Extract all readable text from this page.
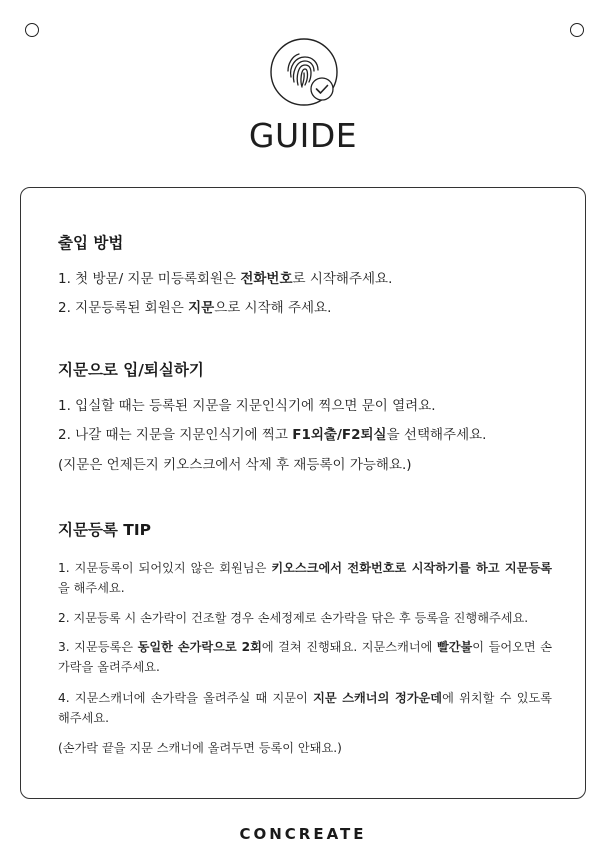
GUIDE
출입 방법
1. 첫 방문/ 지문 미등록회원은 전화번호로 시작해주세요.
2. 지문등록된 회원은 지문으로 시작해 주세요.
지문으로 입/퇴실하기
1. 입실할 때는 등록된 지문을 지문인식기에 찍으면 문이 열려요.
2. 나갈 때는 지문을 지문인식기에 찍고 F1외출/F2퇴실을 선택해주세요.
(지문은 언제든지 키오스크에서 삭제 후 재등록이 가능해요.)
지문등록 TIP
1. 지문등록이 되어있지 않은 회원님은 키오스크에서 전화번호로 시작하기를 하고 지문등록을 해주세요.
2. 지문등록 시 손가락이 건조할 경우 손세정제로 손가락을 닦은 후 등록을 진행해주세요.
3. 지문등록은 동일한 손가락으로 2회에 걸쳐 진행돼요. 지문스캐너에 빨간불이 들어오면 손가락을 올려주세요.
4. 지문스캐너에 손가락을 올려주실 때 지문이 지문 스캐너의 정가운데에 위치할 수 있도록 해주세요.
(손가락 끝을 지문 스캐너에 올려두면 등록이 안돼요.)
CONCREATE
